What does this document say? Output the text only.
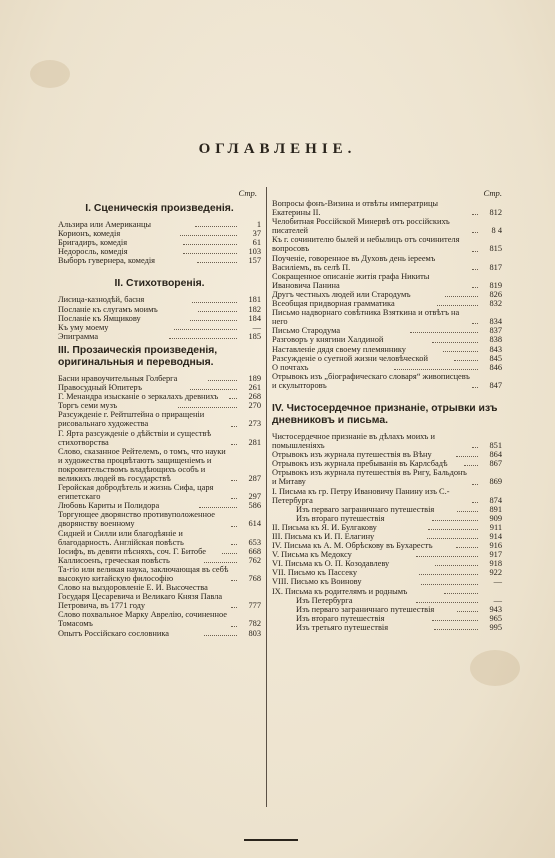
ОГЛАВЛЕНІЕ.
Стр.
I. Сценическія произведенія.
Альзира или Американцы	1
Корионъ, комедія	37
Бригадиръ, комедія	61
Недоросль, комедія	103
Выборъ гувернера, комедія	157
II. Стихотворенія.
Лисица-казнодѣй, басня	181
Посланіе къ слугамъ моимъ	182
Посланіе къ Ямщикову	184
Къ уму моему	—
Эпиграмма	185
III. Прозаическія произведенія, оригинальныя и переводныя.
Басни нравоучительныя Голберга	189
Правосудный Юпитеръ	261
Г. Менандра изысканіе о зеркалахъ древнихъ	268
Торгъ семи музъ	270
Разсужденіе г. Рейтштейна о приращеніи рисовальнаго художества	273
Г. Ярта разсужденіе о дѣйствіи и существѣ стихотворства	281
Слово, сказанное Рейтелемъ, о томъ, что науки и художества процвѣтаютъ защищеніемъ и покровительствомъ владѣющихъ особъ и великихъ людей въ государствѣ	287
Геройская добродѣтель и жизнь Сифа, царя египетскаго	297
Любовь Кариты и Полидора	586
Торгующее дворянство противуположенное дворянству военному	614
Сидней и Силли или благодѣяніе и благодарность. Англійская повѣсть	653
Іосифъ, въ девяти пѣсняхъ, соч. Г. Битобе	668
Каллисоенъ, греческая повѣсть	762
Та-гіо или великая наука, заключающая въ себѣ высокую китайскую философію	768
Слово на выздоровленіе Е. И. Высочества Государя Цесаревича и Великаго Князя Павла Петровича, въ 1771 году	777
Слово похвальное Марку Аврелію, сочиненное Томасомъ	782
Опытъ Россійскаго сословника	803
Стр.
Вопросы фонъ-Визина и отвѣты императрицы Екатерины II.	812
Челобитная Россійской Минервѣ отъ россійскихъ писателей	8 4
Къ г. сочинителю былей и небылицъ отъ сочинителя вопросовъ	815
Поученіе, говоренное въ Духовъ день іереемъ Василіемъ, въ селѣ П.	817
Сокращенное описаніе житія графа Никиты Ивановича Панина	819
Другъ честныхъ людей или Стародумъ	826
Всеобщая придворная грамматика	832
Письмо надворнаго совѣтника Взяткина и отвѣтъ на него	834
Письмо Стародума	837
Разговоръ у княгини Халдиной	838
Наставленіе дядя своему племяннику	843
Разсужденіе о суетной жизни человѣческой	845
О почтахъ	846
Отрывокъ изъ „біографическаго словаря“ живописцевъ и скульпторовъ	847
IV. Чистосердечное признаніе, отрывки изъ дневниковъ и письма.
Чистосердечное признаніе въ дѣлахъ моихъ и помышленіяхъ	851
Отрывокъ изъ журнала путешествія въ Вѣну	864
Отрывокъ изъ журнала пребыванія въ Карлсбадѣ	867
Отрывокъ изъ журнала путешествія въ Ригу, Бальдонъ и Митаву	869
I. Письма къ гр. Петру Ивановичу Панину изъ С.-Петербурга	874
Изъ перваго заграничнаго путешествія	891
Изъ втораго путешествія	909
II. Письма къ Я. И. Булгакову	911
III. Письма къ И. П. Елагину	914
IV. Письма къ А. М. Обрѣскову въ Бухарестъ	916
V. Письма къ Медоксу	917
VI. Письма къ О. П. Козодавлеву	918
VII. Письмо къ Пассеку	922
VIII. Письмо къ Воинову	—
IX. Письма къ родителямъ и роднымъ
Изъ Петербурга	—
Изъ перваго заграничнаго путешествія	943
Изъ втораго путешествія	965
Изъ третьяго путешествія	995
